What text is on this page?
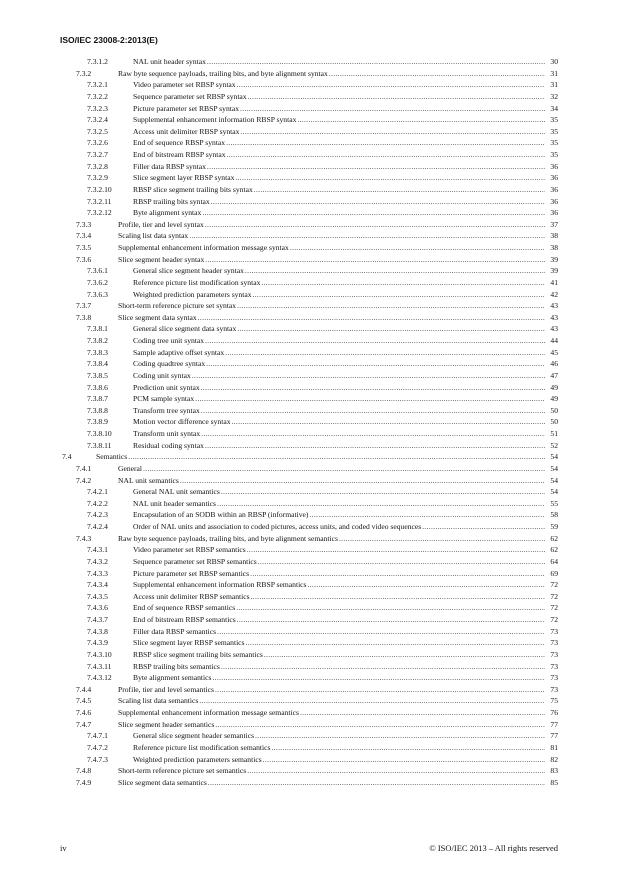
ISO/IEC 23008-2:2013(E)
7.3.1.2	NAL unit header syntax .....	30
7.3.2	Raw byte sequence payloads, trailing bits, and byte alignment syntax .....	31
7.3.2.1	Video parameter set RBSP syntax .....	31
7.3.2.2	Sequence parameter set RBSP syntax .....	32
7.3.2.3	Picture parameter set RBSP syntax .....	34
7.3.2.4	Supplemental enhancement information RBSP syntax .....	35
7.3.2.5	Access unit delimiter RBSP syntax .....	35
7.3.2.6	End of sequence RBSP syntax .....	35
7.3.2.7	End of bitstream RBSP syntax .....	35
7.3.2.8	Filler data RBSP syntax .....	36
7.3.2.9	Slice segment layer RBSP syntax .....	36
7.3.2.10	RBSP slice segment trailing bits syntax .....	36
7.3.2.11	RBSP trailing bits syntax .....	36
7.3.2.12	Byte alignment syntax .....	36
7.3.3	Profile, tier and level syntax .....	37
7.3.4	Scaling list data syntax .....	38
7.3.5	Supplemental enhancement information message syntax .....	38
7.3.6	Slice segment header syntax .....	39
7.3.6.1	General slice segment header syntax .....	39
7.3.6.2	Reference picture list modification syntax .....	41
7.3.6.3	Weighted prediction parameters syntax .....	42
7.3.7	Short-term reference picture set syntax .....	43
7.3.8	Slice segment data syntax .....	43
7.3.8.1	General slice segment data syntax .....	43
7.3.8.2	Coding tree unit syntax .....	44
7.3.8.3	Sample adaptive offset syntax .....	45
7.3.8.4	Coding quadtree syntax .....	46
7.3.8.5	Coding unit syntax .....	47
7.3.8.6	Prediction unit syntax .....	49
7.3.8.7	PCM sample syntax .....	49
7.3.8.8	Transform tree syntax .....	50
7.3.8.9	Motion vector difference syntax .....	50
7.3.8.10	Transform unit syntax .....	51
7.3.8.11	Residual coding syntax .....	52
7.4	Semantics .....	54
7.4.1	General .....	54
7.4.2	NAL unit semantics .....	54
7.4.2.1	General NAL unit semantics .....	54
7.4.2.2	NAL unit header semantics .....	55
7.4.2.3	Encapsulation of an SODB within an RBSP (informative) .....	58
7.4.2.4	Order of NAL units and association to coded pictures, access units, and coded video sequences .....	59
7.4.3	Raw byte sequence payloads, trailing bits, and byte alignment semantics .....	62
7.4.3.1	Video parameter set RBSP semantics .....	62
7.4.3.2	Sequence parameter set RBSP semantics .....	64
7.4.3.3	Picture parameter set RBSP semantics .....	69
7.4.3.4	Supplemental enhancement information RBSP semantics .....	72
7.4.3.5	Access unit delimiter RBSP semantics .....	72
7.4.3.6	End of sequence RBSP semantics .....	72
7.4.3.7	End of bitstream RBSP semantics .....	72
7.4.3.8	Filler data RBSP semantics .....	73
7.4.3.9	Slice segment layer RBSP semantics .....	73
7.4.3.10	RBSP slice segment trailing bits semantics .....	73
7.4.3.11	RBSP trailing bits semantics .....	73
7.4.3.12	Byte alignment semantics .....	73
7.4.4	Profile, tier and level semantics .....	73
7.4.5	Scaling list data semantics .....	75
7.4.6	Supplemental enhancement information message semantics .....	76
7.4.7	Slice segment header semantics .....	77
7.4.7.1	General slice segment header semantics .....	77
7.4.7.2	Reference picture list modification semantics .....	81
7.4.7.3	Weighted prediction parameters semantics .....	82
7.4.8	Short-term reference picture set semantics .....	83
7.4.9	Slice segment data semantics .....	85
iv	© ISO/IEC 2013 – All rights reserved
